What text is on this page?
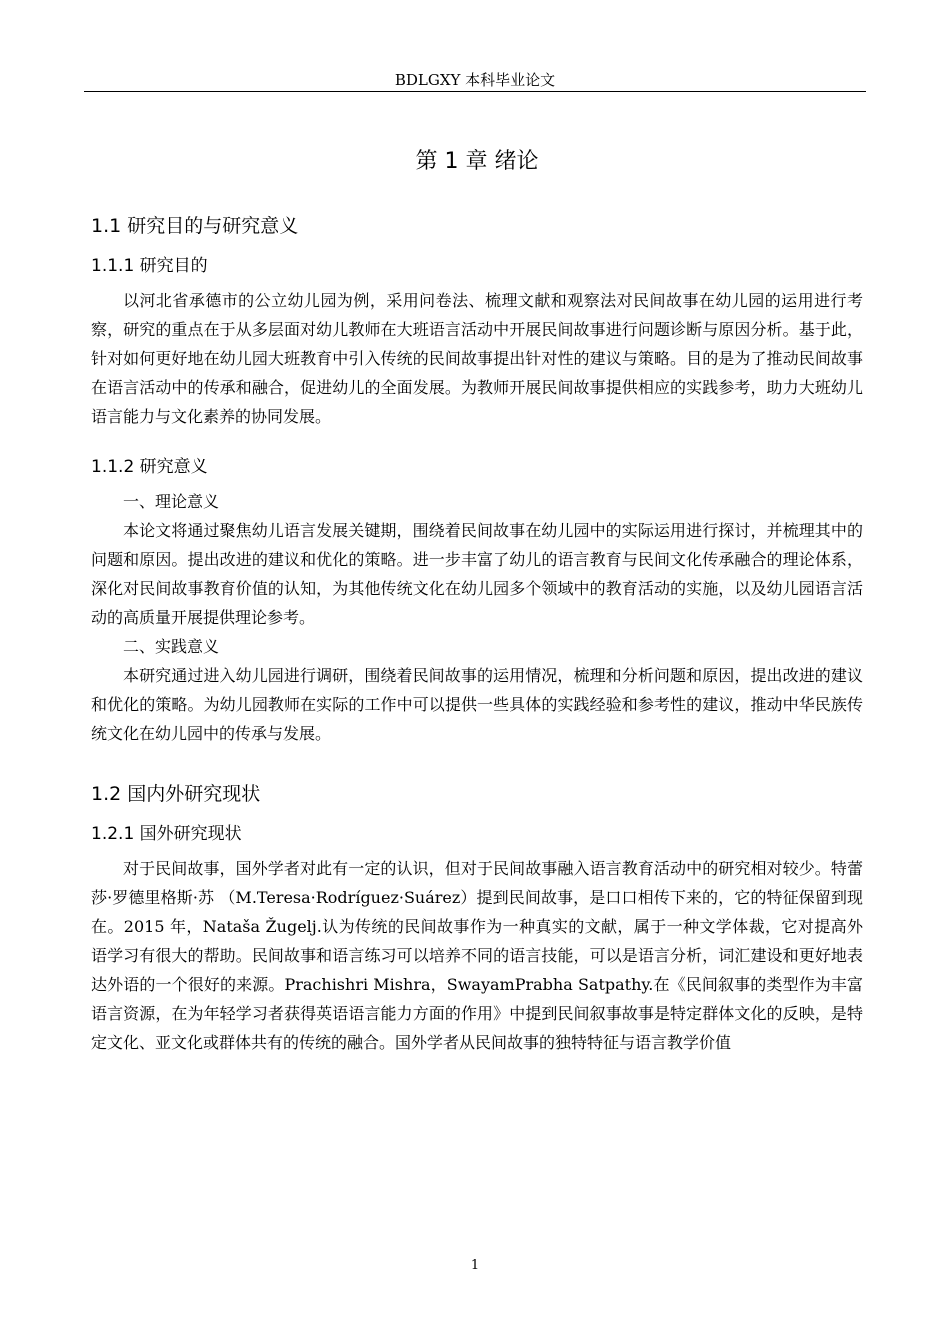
BDLGXY 本科毕业论文
第 1 章 绪论
1.1 研究目的与研究意义
1.1.1 研究目的

以河北省承德市的公立幼儿园为例，采用问卷法、梳理文献和观察法对民间故事在幼儿园的运用进行考察，研究的重点在于从多层面对幼儿教师在大班语言活动中开展民间故事进行问题诊断与原因分析。基于此，针对如何更好地在幼儿园大班教育中引入传统的民间故事提出针对性的建议与策略。目的是为了推动民间故事在语言活动中的传承和融合，促进幼儿的全面发展。为教师开展民间故事提供相应的实践参考，助力大班幼儿语言能力与文化素养的协同发展。

1.1.2 研究意义

一、理论意义

本论文将通过聚焦幼儿语言发展关键期，围绕着民间故事在幼儿园中的实际运用进行探讨，并梳理其中的问题和原因。提出改进的建议和优化的策略。进一步丰富了幼儿的语言教育与民间文化传承融合的理论体系，深化对民间故事教育价值的认知，为其他传统文化在幼儿园多个领域中的教育活动的实施，以及幼儿园语言活动的高质量开展提供理论参考。

二、实践意义

本研究通过进入幼儿园进行调研，围绕着民间故事的运用情况，梳理和分析问题和原因，提出改进的建议和优化的策略。为幼儿园教师在实际的工作中可以提供一些具体的实践经验和参考性的建议，推动中华民族传统文化在幼儿园中的传承与发展。

1.2 国内外研究现状
1.2.1 国外研究现状

对于民间故事，国外学者对此有一定的认识，但对于民间故事融入语言教育活动中的研究相对较少。特蕾莎·罗德里格斯·苏 （M.Teresa·Rodríguez·Suárez）提到民间故事，是口口相传下来的，它的特征保留到现在。2015 年，Nataša Žugelj.认为传统的民间故事作为一种真实的文献，属于一种文学体裁，它对提高外语学习有很大的帮助。民间故事和语言练习可以培养不同的语言技能，可以是语言分析，词汇建设和更好地表达外语的一个很好的来源。Prachishri Mishra，SwayamPrabha Satpathy.在《民间叙事的类型作为丰富语言资源，在为年轻学习者获得英语语言能力方面的作用》中提到民间叙事故事是特定群体文化的反映，是特定文化、亚文化或群体共有的传统的融合。国外学者从民间故事的独特特征与语言教学价值

1
